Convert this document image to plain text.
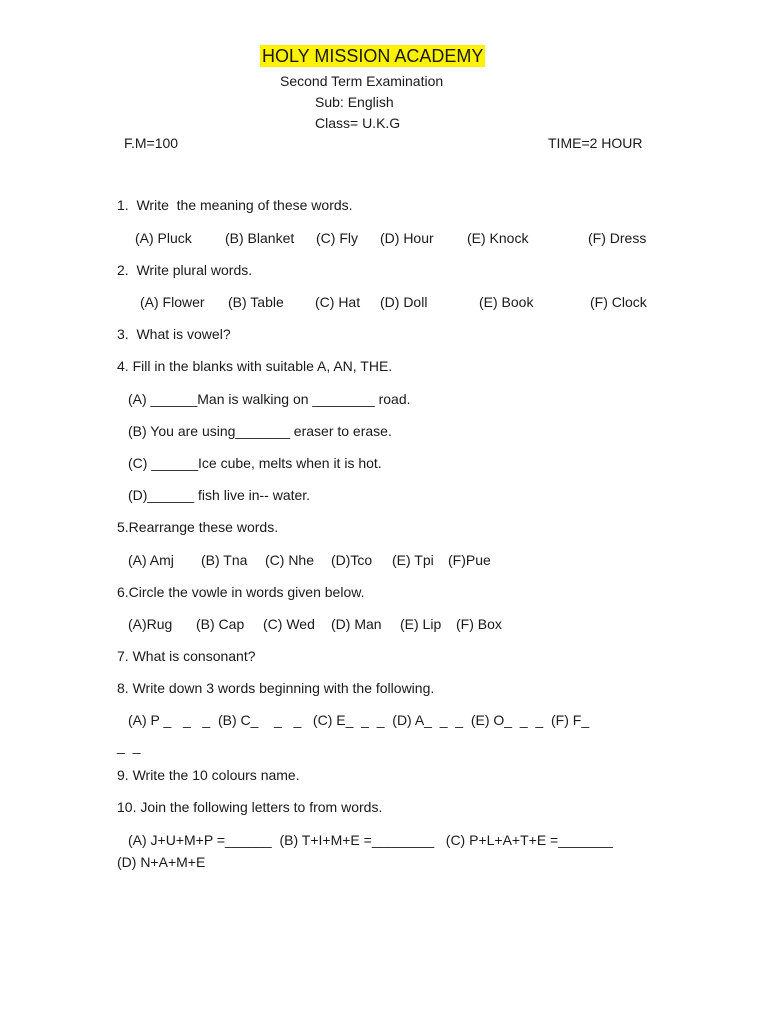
HOLY MISSION ACADEMY
Second Term Examination
Sub: English
Class= U.K.G
F.M=100	TIME=2 HOUR
1.  Write  the meaning of these words.
(A) Pluck (B) Blanket (C) Fly (D) Hour (E) Knock	(F) Dress
2.  Write plural words.
(A) Flower (B) Table (C) Hat (D) Doll	(E) Book	(F) Clock
3.  What is vowel?
4. Fill in the blanks with suitable A, AN, THE.
(A) ______Man is walking on ________ road.
(B) You are using_______ eraser to erase.
(C) ______Ice cube, melts when it is hot.
(D)______ fish live in-- water.
5.Rearrange these words.
(A) Amj (B) Tna (C) Nhe (D)Tco (E) Tpi (F)Pue
6.Circle the vowle in words given below.
(A)Rug (B) Cap (C) Wed (D) Man (E) Lip (F) Box
7. What is consonant?
8. Write down 3 words beginning with the following.
(A) P _   _   _  (B) C_    _   _   (C) E_  _  _  (D) A_  _  _  (E) O_  _  _  (F) F_
_  _
9. Write the 10 colours name.
10. Join the following letters to from words.
(A) J+U+M+P =______  (B) T+I+M+E =________   (C) P+L+A+T+E =_______
(D) N+A+M+E
